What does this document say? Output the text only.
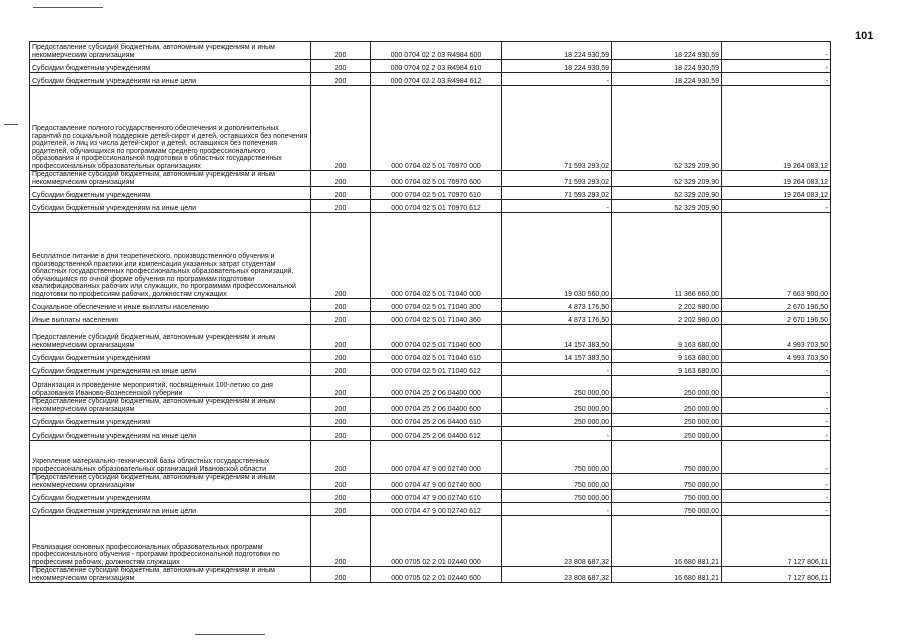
101
Предоставление субсидий бюджетным, автономным учреждениям и иным некоммерческим организациям	200	000 0704 02 2 03 R4984 600	18 224 930,59	18 224 930,59	-
Субсидии бюджетным учреждениям	200	000 0704 02 2 03 R4984 610	18 224 930,59	18 224 930,59	-
Субсидии бюджетным учреждениям на иные цели	200	000 0704 02 2 03 R4984 612	-	18 224 930,59	-
Предоставление полного государственного обеспечения и дополнительных гарантий по социальной поддержке детей-сирот и детей, оставшихся без попечения родителей, и лиц из числа детей-сирот и детей, оставшихся без попечения родителей, обучающихся по программам среднего профессионального образования и профессиональной подготовки в областных государственных профессиональных образовательных организациях	200	000 0704 02 5 01 70970 000	71 593 293,02	52 329 209,90	19 264 083,12
Предоставление субсидий бюджетным, автономным учреждениям и иным некоммерческим организациям	200	000 0704 02 5 01 70970 600	71 593 293,02	52 329 209,90	19 264 083,12
Субсидии бюджетным учреждениям	200	000 0704 02 5 01 70970 610	71 593 293,02	52 329 209,90	19 264 083,12
Субсидии бюджетным учреждениям на иные цели	200	000 0704 02 5 01 70970 612	-	52 329 209,90	-
Бесплатное питание в дни теоретического, производственного обучения и производственной практики или компенсация указанных затрат студентам областных государственных профессиональных образовательных организаций, обучающимся по очной форме обучения по программам подготовки квалифицированных рабочих или служащих, по программам профессиональной подготовки по профессиям рабочих, должностям служащих	200	000 0704 02 5 01 71040 000	19 030 560,00	11 366 660,00	7 663 900,00
Социальное обеспечение и иные выплаты населению	200	000 0704 02 5 01 71040 300	4 873 176,50	2 202 980,00	2 670 196,50
Иные выплаты населению	200	000 0704 02 5 01 71040 360	4 873 176,50	2 202 980,00	2 670 196,50
Предоставление субсидий бюджетным, автономным учреждениям и иным некоммерческим организациям	200	000 0704 02 5 01 71040 600	14 157 383,50	9 163 680,00	4 993 703,50
Субсидии бюджетным учреждениям	200	000 0704 02 5 01 71040 610	14 157 383,50	9 163 680,00	4 993 703,50
Субсидии бюджетным учреждениям на иные цели	200	000 0704 02 5 01 71040 612	-	9 163 680,00	-
Организация и проведение мероприятий, посвященных 100-летию со дня образования Иваново-Вознесенской губернии	200	000 0704 25 2 06 04400 000	250 000,00	250 000,00	-
Предоставление субсидий бюджетным, автономным учреждениям и иным некоммерческим организациям	200	000 0704 25 2 06 04400 600	250 000,00	250 000,00	-
Субсидии бюджетным учреждениям	200	000 0704 25 2 06 04400 610	250 000,00	250 000,00	-
Субсидии бюджетным учреждениям на иные цели	200	000 0704 25 2 06 04400 612	-	250 000,00	-
Укрепление материально-технической базы областных государственных профессиональных образовательных организаций Ивановской области	200	000 0704 47 9 00 02740 000	750 000,00	750 000,00	-
Предоставление субсидий бюджетным, автономным учреждениям и иным некоммерческим организациям	200	000 0704 47 9 00 02740 600	750 000,00	750 000,00	-
Субсидии бюджетным учреждениям	200	000 0704 47 9 00 02740 610	750 000,00	750 000,00	-
Субсидии бюджетным учреждениям на иные цели	200	000 0704 47 9 00 02740 612	-	750 000,00	-
Реализация основных профессиональных образовательных программ профессионального обучения - программ профессиональной подготовки по профессиям рабочих, должностям служащих	200	000 0705 02 2 01 02440 000	23 808 687,32	16 680 881,21	7 127 806,11
Предоставление субсидий бюджетным, автономным учреждениям и иным некоммерческим организациям	200	000 0705 02 2 01 02440 600	23 808 687,32	16 680 881,21	7 127 806,11
